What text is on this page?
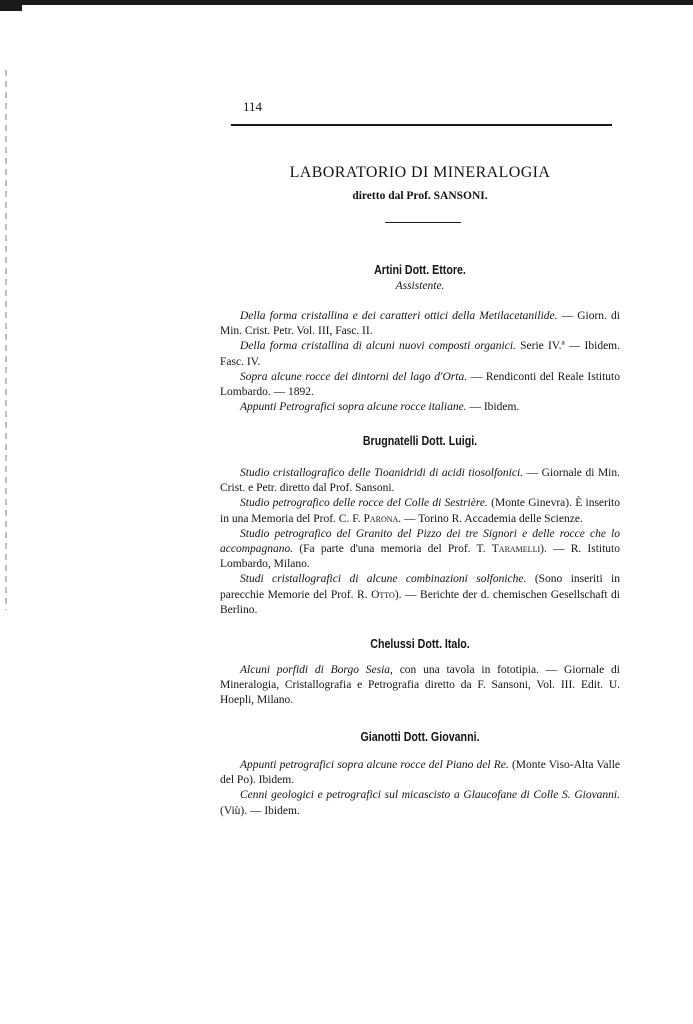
114
LABORATORIO DI MINERALOGIA
diretto dal Prof. SANSONI.
Artini Dott. Ettore.
Assistente.

Della forma cristallina e dei caratteri ottici della Metilacetanilide. — Giorn. di Min. Crist. Petr. Vol. III, Fasc. II.

Della forma cristallina di alcuni nuovi composti organici. Serie IV.ª — Ibidem. Fasc. IV.

Sopra alcune rocce dei dintorni del lago d'Orta. — Rendiconti del Reale Istituto Lombardo. — 1892.

Appunti Petrografici sopra alcune rocce italiane. — Ibidem.

Brugnatelli Dott. Luigi.

Studio cristallografico delle Tioanidridi di acidi tiosolfonici. — Giornale di Min. Crist. e Petr. diretto dal Prof. Sansoni.

Studio petrografico delle rocce del Colle di Sestrière. (Monte Ginevra). È inserito in una Memoria del Prof. C. F. Parona. — Torino R. Accademia delle Scienze.

Studio petrografico del Granito del Pizzo dei tre Signori e delle rocce che lo accompagnano. (Fa parte d'una memoria del Prof. T. Taramelli). — R. Istituto Lombardo, Milano.

Studi cristallografici di alcune combinazioni solfoniche. (Sono inseriti in parecchie Memorie del Prof. R. Otto). — Berichte der d. chemischen Gesellschaft di Berlino.

Chelussi Dott. Italo.

Alcuni porfidi di Borgo Sesia, con una tavola in fototipia. — Giornale di Mineralogia, Cristallografia e Petrografia diretto da F. Sansoni, Vol. III. Edit. U. Hoepli, Milano.

Gianotti Dott. Giovanni.

Appunti petrografici sopra alcune rocce del Piano del Re. (Monte Viso-Alta Valle del Po). Ibidem.

Cenni geologici e petrografici sul micascisto a Glaucofane di Colle S. Giovanni. (Viù). — Ibidem.
